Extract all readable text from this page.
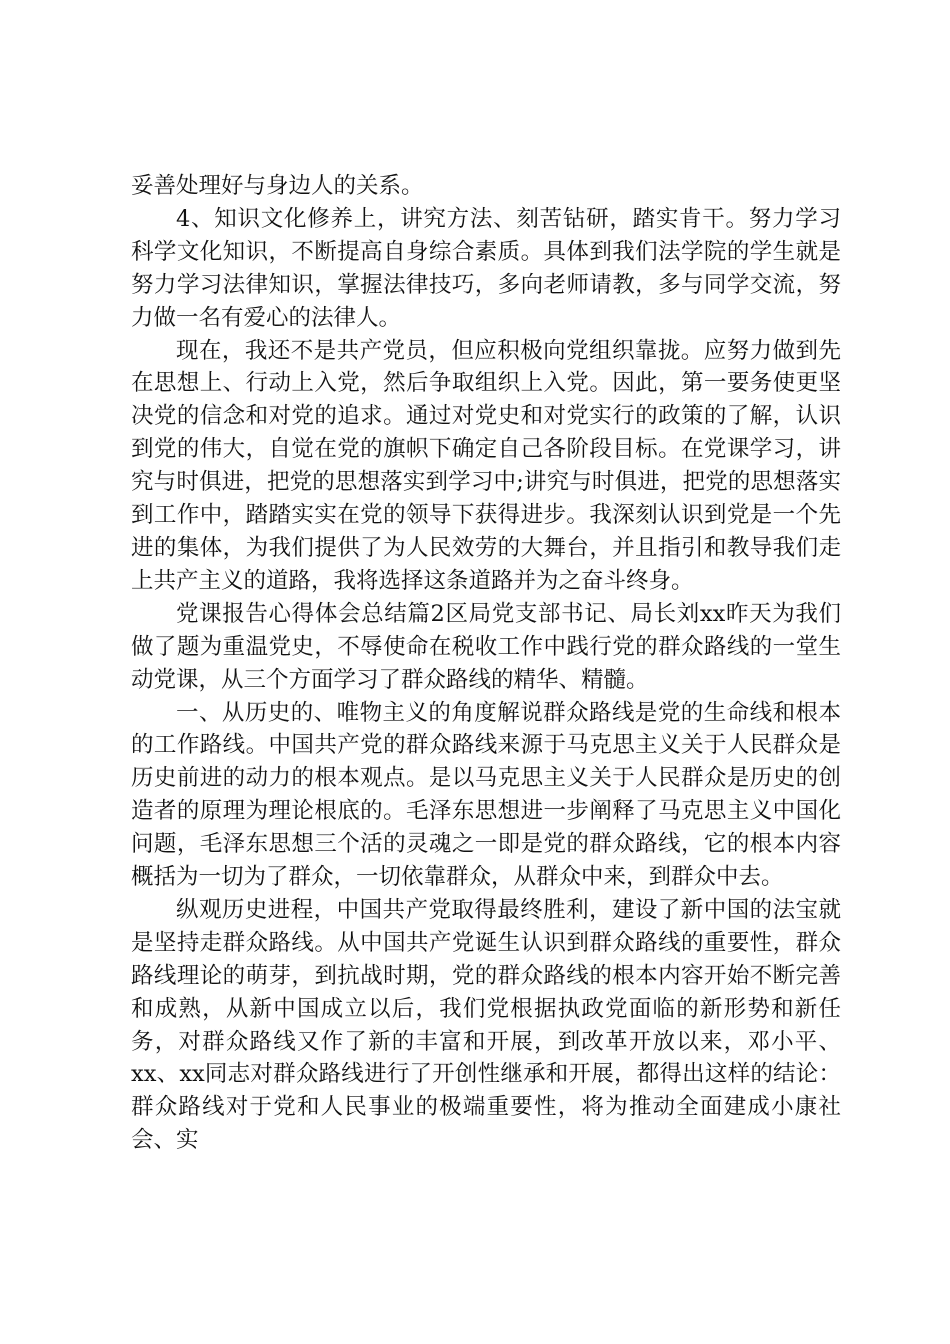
妥善处理好与身边人的关系。

4、知识文化修养上，讲究方法、刻苦钻研，踏实肯干。努力学习科学文化知识，不断提高自身综合素质。具体到我们法学院的学生就是努力学习法律知识，掌握法律技巧，多向老师请教，多与同学交流，努力做一名有爱心的法律人。

现在，我还不是共产党员，但应积极向党组织靠拢。应努力做到先在思想上、行动上入党，然后争取组织上入党。因此，第一要务使更坚决党的信念和对党的追求。通过对党史和对党实行的政策的了解，认识到党的伟大，自觉在党的旗帜下确定自己各阶段目标。在党课学习，讲究与时俱进，把党的思想落实到学习中;讲究与时俱进，把党的思想落实到工作中，踏踏实实在党的领导下获得进步。我深刻认识到党是一个先进的集体，为我们提供了为人民效劳的大舞台，并且指引和教导我们走上共产主义的道路，我将选择这条道路并为之奋斗终身。

党课报告心得体会总结篇2区局党支部书记、局长刘xx昨天为我们做了题为重温党史，不辱使命在税收工作中践行党的群众路线的一堂生动党课，从三个方面学习了群众路线的精华、精髓。

一、从历史的、唯物主义的角度解说群众路线是党的生命线和根本的工作路线。中国共产党的群众路线来源于马克思主义关于人民群众是历史前进的动力的根本观点。是以马克思主义关于人民群众是历史的创造者的原理为理论根底的。毛泽东思想进一步阐释了马克思主义中国化问题，毛泽东思想三个活的灵魂之一即是党的群众路线，它的根本内容概括为一切为了群众，一切依靠群众，从群众中来，到群众中去。

纵观历史进程，中国共产党取得最终胜利，建设了新中国的法宝就是坚持走群众路线。从中国共产党诞生认识到群众路线的重要性，群众路线理论的萌芽，到抗战时期，党的群众路线的根本内容开始不断完善和成熟，从新中国成立以后，我们党根据执政党面临的新形势和新任务，对群众路线又作了新的丰富和开展，到改革开放以来，邓小平、xx、xx同志对群众路线进行了开创性继承和开展，都得出这样的结论：群众路线对于党和人民事业的极端重要性，将为推动全面建成小康社会、实
